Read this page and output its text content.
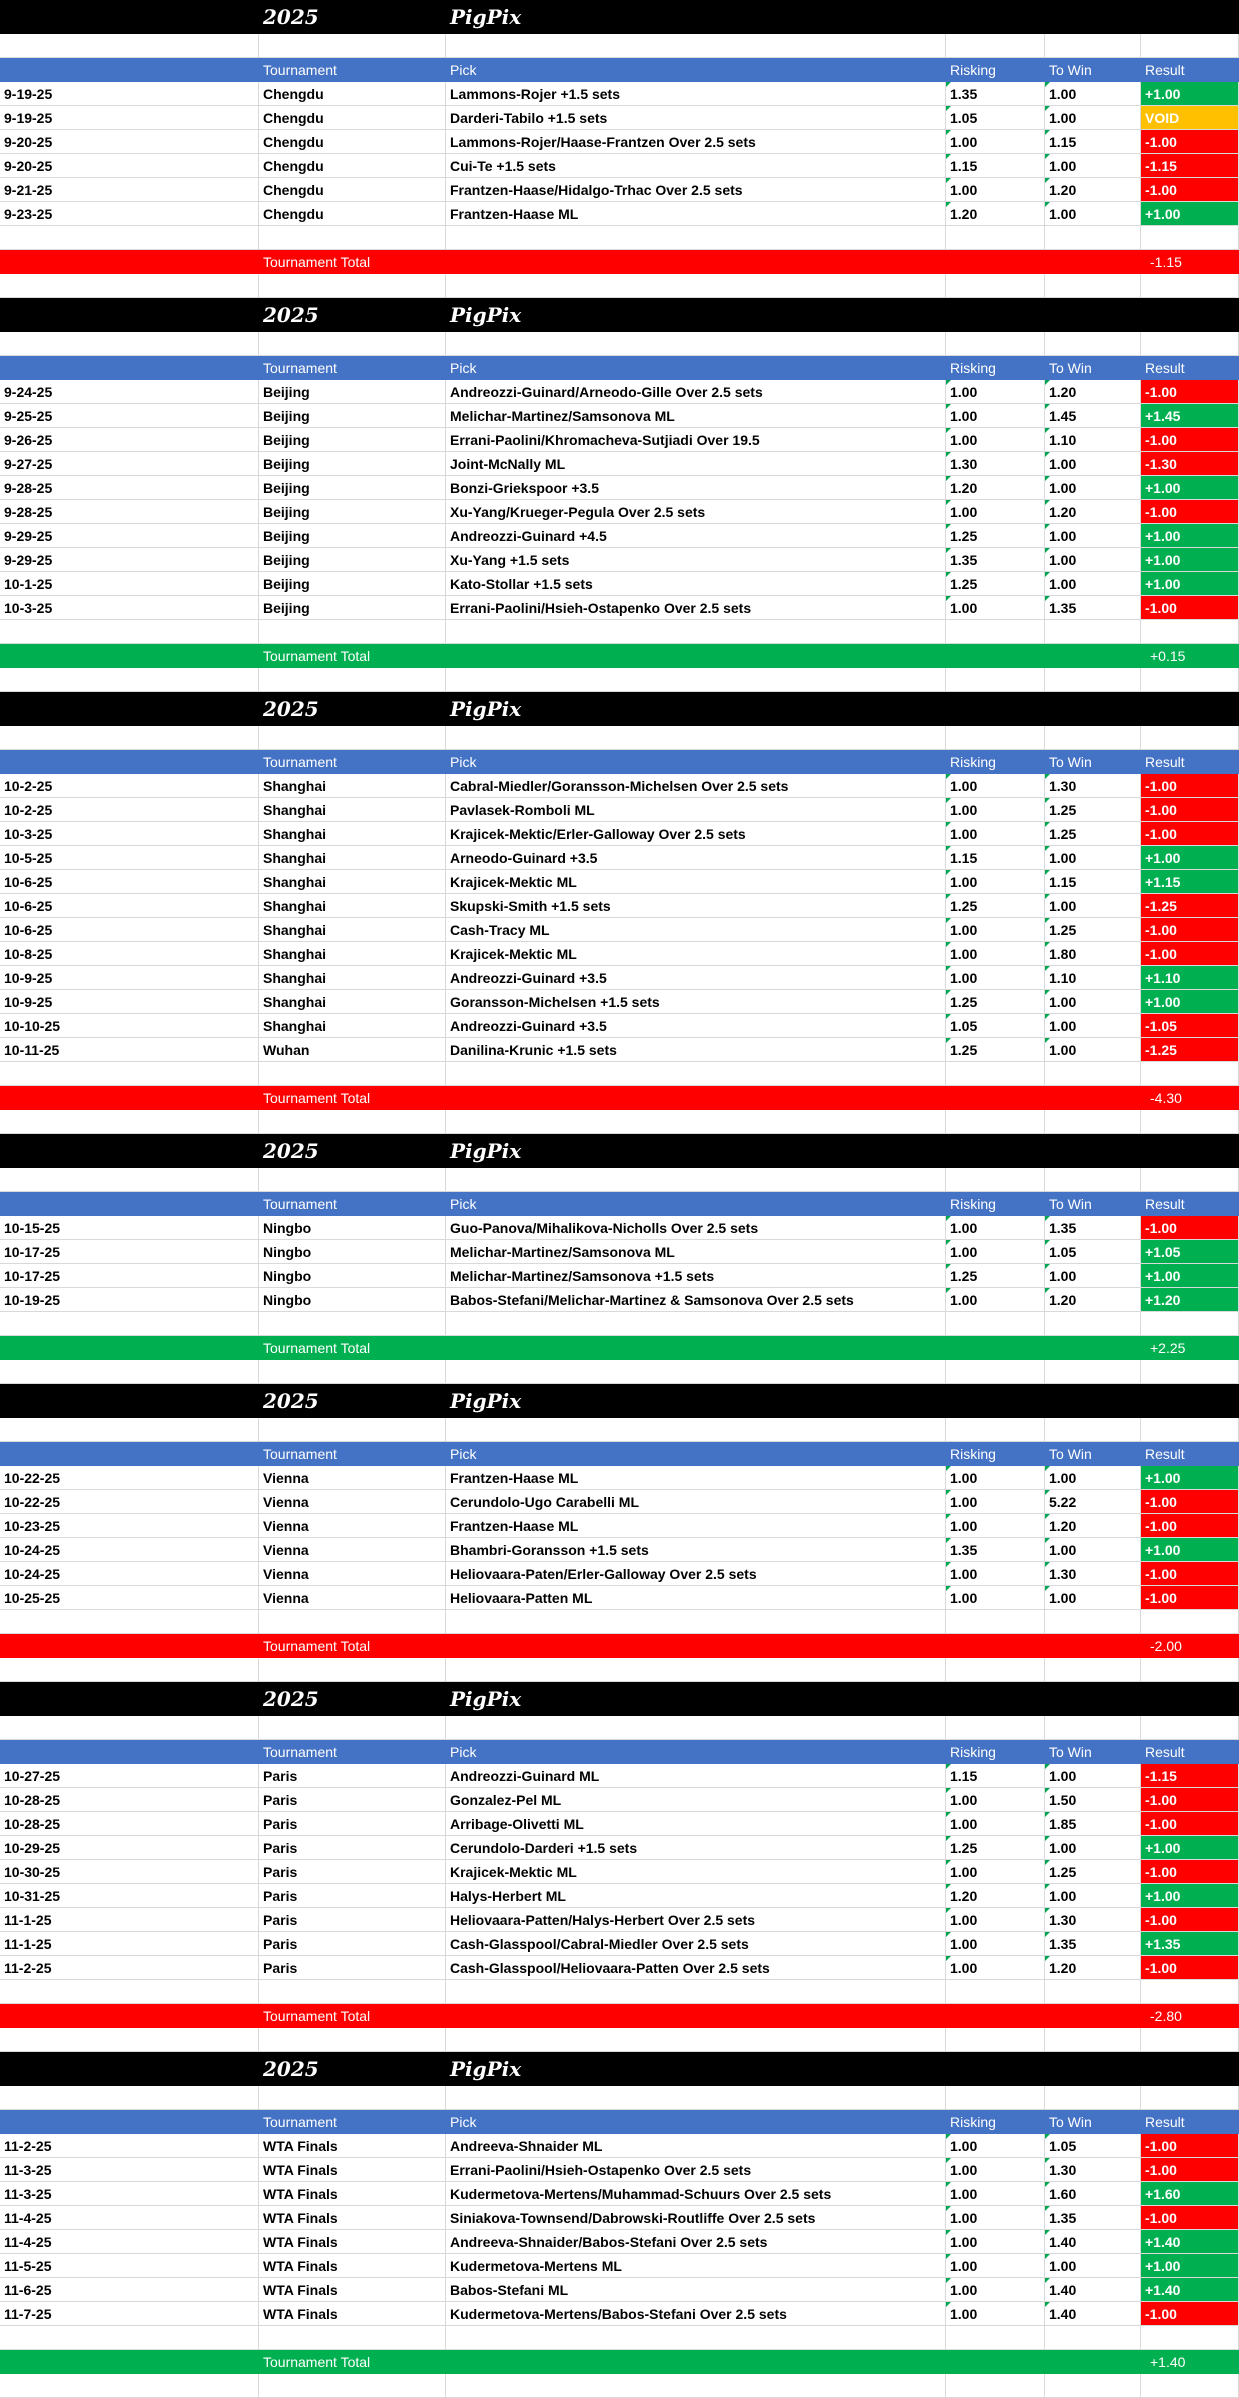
2025	PigPix
Tournament	Pick	Risking	To Win	Result
9-19-25	Chengdu	Lammons-Rojer +1.5 sets	1.35	1.00	+1.00
9-19-25	Chengdu	Darderi-Tabilo +1.5 sets	1.05	1.00	VOID
9-20-25	Chengdu	Lammons-Rojer/Haase-Frantzen Over 2.5 sets	1.00	1.15	-1.00
9-20-25	Chengdu	Cui-Te +1.5 sets	1.15	1.00	-1.15
9-21-25	Chengdu	Frantzen-Haase/Hidalgo-Trhac Over 2.5 sets	1.00	1.20	-1.00
9-23-25	Chengdu	Frantzen-Haase ML	1.20	1.00	+1.00
Tournament Total	-1.15
2025	PigPix
Tournament	Pick	Risking	To Win	Result
9-24-25	Beijing	Andreozzi-Guinard/Arneodo-Gille Over 2.5 sets	1.00	1.20	-1.00
9-25-25	Beijing	Melichar-Martinez/Samsonova ML	1.00	1.45	+1.45
9-26-25	Beijing	Errani-Paolini/Khromacheva-Sutjiadi Over 19.5	1.00	1.10	-1.00
9-27-25	Beijing	Joint-McNally ML	1.30	1.00	-1.30
9-28-25	Beijing	Bonzi-Griekspoor +3.5	1.20	1.00	+1.00
9-28-25	Beijing	Xu-Yang/Krueger-Pegula Over 2.5 sets	1.00	1.20	-1.00
9-29-25	Beijing	Andreozzi-Guinard +4.5	1.25	1.00	+1.00
9-29-25	Beijing	Xu-Yang +1.5 sets	1.35	1.00	+1.00
10-1-25	Beijing	Kato-Stollar +1.5 sets	1.25	1.00	+1.00
10-3-25	Beijing	Errani-Paolini/Hsieh-Ostapenko Over 2.5 sets	1.00	1.35	-1.00
Tournament Total	+0.15
2025	PigPix
Tournament	Pick	Risking	To Win	Result
10-2-25	Shanghai	Cabral-Miedler/Goransson-Michelsen Over 2.5 sets	1.00	1.30	-1.00
10-2-25	Shanghai	Pavlasek-Romboli ML	1.00	1.25	-1.00
10-3-25	Shanghai	Krajicek-Mektic/Erler-Galloway Over 2.5 sets	1.00	1.25	-1.00
10-5-25	Shanghai	Arneodo-Guinard +3.5	1.15	1.00	+1.00
10-6-25	Shanghai	Krajicek-Mektic ML	1.00	1.15	+1.15
10-6-25	Shanghai	Skupski-Smith +1.5 sets	1.25	1.00	-1.25
10-6-25	Shanghai	Cash-Tracy ML	1.00	1.25	-1.00
10-8-25	Shanghai	Krajicek-Mektic ML	1.00	1.80	-1.00
10-9-25	Shanghai	Andreozzi-Guinard +3.5	1.00	1.10	+1.10
10-9-25	Shanghai	Goransson-Michelsen +1.5 sets	1.25	1.00	+1.00
10-10-25	Shanghai	Andreozzi-Guinard +3.5	1.05	1.00	-1.05
10-11-25	Wuhan	Danilina-Krunic +1.5 sets	1.25	1.00	-1.25
Tournament Total	-4.30
2025	PigPix
Tournament	Pick	Risking	To Win	Result
10-15-25	Ningbo	Guo-Panova/Mihalikova-Nicholls Over 2.5 sets	1.00	1.35	-1.00
10-17-25	Ningbo	Melichar-Martinez/Samsonova ML	1.00	1.05	+1.05
10-17-25	Ningbo	Melichar-Martinez/Samsonova +1.5 sets	1.25	1.00	+1.00
10-19-25	Ningbo	Babos-Stefani/Melichar-Martinez & Samsonova Over 2.5 sets	1.00	1.20	+1.20
Tournament Total	+2.25
2025	PigPix
Tournament	Pick	Risking	To Win	Result
10-22-25	Vienna	Frantzen-Haase ML	1.00	1.00	+1.00
10-22-25	Vienna	Cerundolo-Ugo Carabelli ML	1.00	5.22	-1.00
10-23-25	Vienna	Frantzen-Haase ML	1.00	1.20	-1.00
10-24-25	Vienna	Bhambri-Goransson +1.5 sets	1.35	1.00	+1.00
10-24-25	Vienna	Heliovaara-Paten/Erler-Galloway Over 2.5 sets	1.00	1.30	-1.00
10-25-25	Vienna	Heliovaara-Patten ML	1.00	1.00	-1.00
Tournament Total	-2.00
2025	PigPix
Tournament	Pick	Risking	To Win	Result
10-27-25	Paris	Andreozzi-Guinard ML	1.15	1.00	-1.15
10-28-25	Paris	Gonzalez-Pel ML	1.00	1.50	-1.00
10-28-25	Paris	Arribage-Olivetti ML	1.00	1.85	-1.00
10-29-25	Paris	Cerundolo-Darderi +1.5 sets	1.25	1.00	+1.00
10-30-25	Paris	Krajicek-Mektic ML	1.00	1.25	-1.00
10-31-25	Paris	Halys-Herbert ML	1.20	1.00	+1.00
11-1-25	Paris	Heliovaara-Patten/Halys-Herbert Over 2.5 sets	1.00	1.30	-1.00
11-1-25	Paris	Cash-Glasspool/Cabral-Miedler Over 2.5 sets	1.00	1.35	+1.35
11-2-25	Paris	Cash-Glasspool/Heliovaara-Patten Over 2.5 sets	1.00	1.20	-1.00
Tournament Total	-2.80
2025	PigPix
Tournament	Pick	Risking	To Win	Result
11-2-25	WTA Finals	Andreeva-Shnaider ML	1.00	1.05	-1.00
11-3-25	WTA Finals	Errani-Paolini/Hsieh-Ostapenko Over 2.5 sets	1.00	1.30	-1.00
11-3-25	WTA Finals	Kudermetova-Mertens/Muhammad-Schuurs Over 2.5 sets	1.00	1.60	+1.60
11-4-25	WTA Finals	Siniakova-Townsend/Dabrowski-Routliffe Over 2.5 sets	1.00	1.35	-1.00
11-4-25	WTA Finals	Andreeva-Shnaider/Babos-Stefani Over 2.5 sets	1.00	1.40	+1.40
11-5-25	WTA Finals	Kudermetova-Mertens ML	1.00	1.00	+1.00
11-6-25	WTA Finals	Babos-Stefani ML	1.00	1.40	+1.40
11-7-25	WTA Finals	Kudermetova-Mertens/Babos-Stefani Over 2.5 sets	1.00	1.40	-1.00
Tournament Total	+1.40
